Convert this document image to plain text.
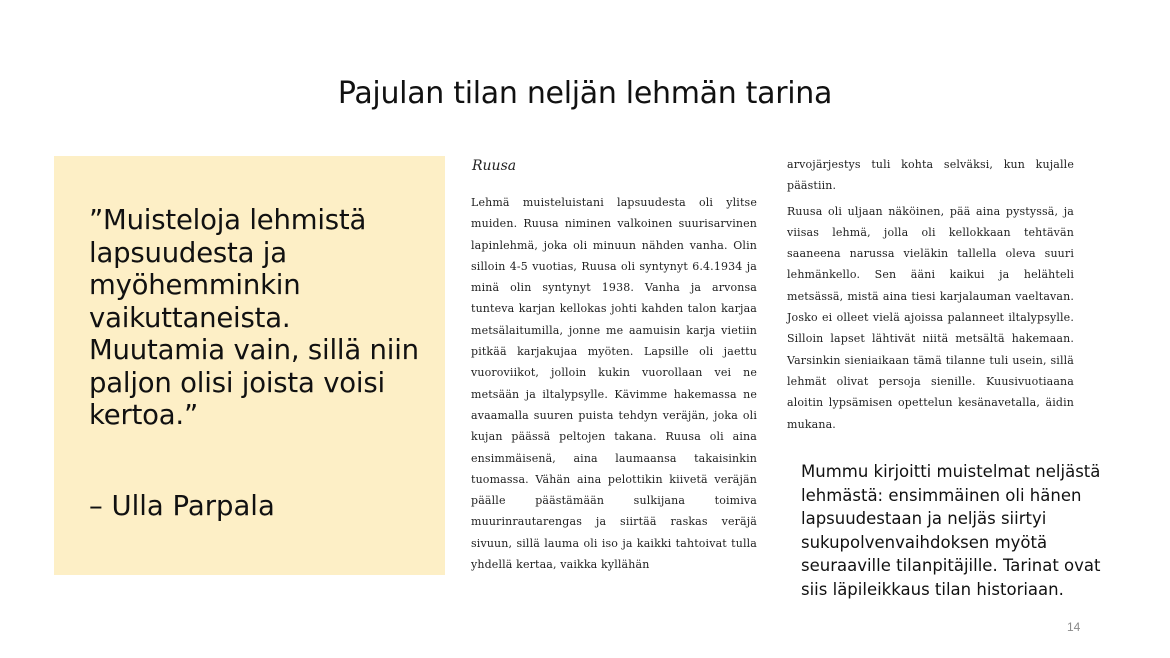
Pajulan tilan neljän lehmän tarina
”Muisteloja lehmistä lapsuudesta ja myöhemminkin vaikuttaneista. Muutamia vain, sillä niin paljon olisi joista voisi kertoa.”
– Ulla Parpala
Ruusa

Lehmä muisteluistani lapsuudesta oli ylitse muiden. Ruusa niminen valkoinen suurisarvinen lapinlehmä, joka oli minuun nähden vanha. Olin silloin 4-5 vuotias, Ruusa oli syntynyt 6.4.1934 ja minä olin syntynyt 1938. Vanha ja arvonsa tunteva karjan kellokas johti kahden talon karjaa metsälaitumilla, jonne me aamuisin karja vietiin pitkää karjakujaa myöten. Lapsille oli jaettu vuoroviikot, jolloin kukin vuorollaan vei ne metsään ja iltalypsylle. Kävimme hakemassa ne avaamalla suuren puista tehdyn veräjän, joka oli kujan päässä peltojen takana. Ruusa oli aina ensimmäisenä, aina laumaansa takaisinkin tuomassa. Vähän aina pelottikin kiivetä veräjän päälle päästämään sulkijana toimiva muurinrautarengas ja siirtää raskas veräjä sivuun, sillä lauma oli iso ja kaikki tahtoivat tulla yhdellä kertaa, vaikka kyllähän

arvojärjestys tuli kohta selväksi, kun kujalle päästiin.

Ruusa oli uljaan näköinen, pää aina pystyssä, ja viisas lehmä, jolla oli kellokkaan tehtävän saaneena narussa vieläkin tallella oleva suuri lehmänkello. Sen ääni kaikui ja helähteli metsässä, mistä aina tiesi karjalauman vaeltavan. Josko ei olleet vielä ajoissa palanneet iltalypsylle. Silloin lapset lähtivät niitä metsältä hakemaan. Varsinkin sieniaikaan tämä tilanne tuli usein, sillä lehmät olivat persoja sienille. Kuusivuotiaana aloitin lypsämisen opettelun kesänavetalla, äidin mukana.

Mummu kirjoitti muistelmat neljästä lehmästä: ensimmäinen oli hänen lapsuudestaan ja neljäs siirtyi sukupolvenvaihdoksen myötä seuraaville tilanpitäjille. Tarinat ovat siis läpileikkaus tilan historiaan.
14
